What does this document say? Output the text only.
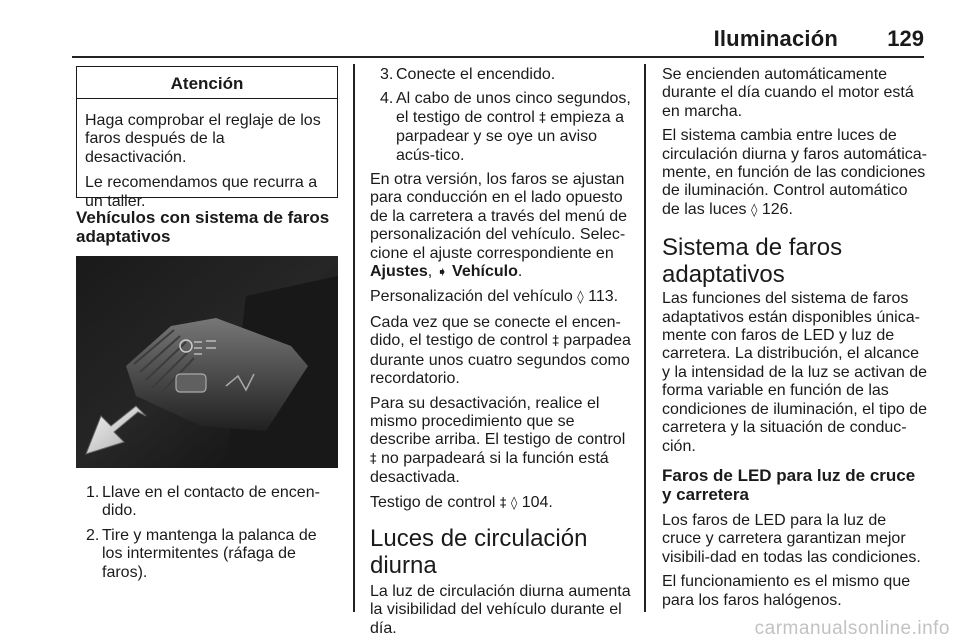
Iluminación 129
Atención

Haga comprobar el reglaje de los faros después de la desactivación.

Le recomendamos que recurra a un taller.

Vehículos con sistema de faros adaptativos
1. Llave en el contacto de encen-dido.
2. Tire y mantenga la palanca de los intermitentes (ráfaga de faros).
3. Conecte el encendido.
4. Al cabo de unos cinco segundos, el testigo de control ‡ empieza a parpadear y se oye un aviso acús-tico.

En otra versión, los faros se ajustan para conducción en el lado opuesto de la carretera a través del menú de personalización del vehículo. Selec-cione el ajuste correspondiente en Ajustes, ➧ Vehículo.

Personalización del vehículo ◊ 113.

Cada vez que se conecte el encen-dido, el testigo de control ‡ parpadea durante unos cuatro segundos como recordatorio.

Para su desactivación, realice el mismo procedimiento que se describe arriba. El testigo de control ‡ no parpadeará si la función está desactivada.

Testigo de control ‡ ◊ 104.

Luces de circulación diurna

La luz de circulación diurna aumenta la visibilidad del vehículo durante el día.

Se encienden automáticamente durante el día cuando el motor está en marcha.

El sistema cambia entre luces de circulación diurna y faros automática-mente, en función de las condiciones de iluminación. Control automático de las luces ◊ 126.

Sistema de faros adaptativos

Las funciones del sistema de faros adaptativos están disponibles única-mente con faros de LED y luz de carretera. La distribución, el alcance y la intensidad de la luz se activan de forma variable en función de las condiciones de iluminación, el tipo de carretera y la situación de conduc-ción.

Faros de LED para luz de cruce y carretera

Los faros de LED para la luz de cruce y carretera garantizan mejor visibili-dad en todas las condiciones.

El funcionamiento es el mismo que para los faros halógenos.

carmanualsonline.info
